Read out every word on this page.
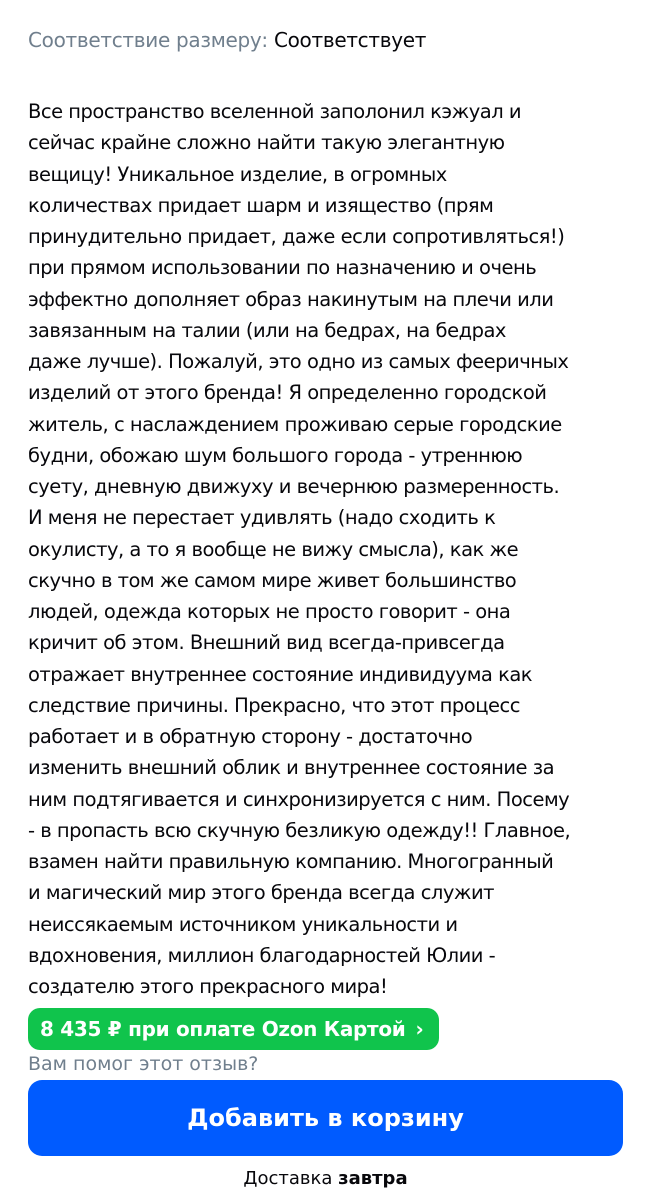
Соответствие размеру: Соответствует
Все пространство вселенной заполонил кэжуал и
сейчас крайне сложно найти такую элегантную
вещицу! Уникальное изделие, в огромных
количествах придает шарм и изящество (прям
принудительно придает, даже если сопротивляться!)
при прямом использовании по назначению и очень
эффектно дополняет образ накинутым на плечи или
завязанным на талии (или на бедрах, на бедрах
даже лучше). Пожалуй, это одно из самых фееричных
изделий от этого бренда! Я определенно городской
житель, с наслаждением проживаю серые городские
будни, обожаю шум большого города - утреннюю
суету, дневную движуху и вечернюю размеренность.
И меня не перестает удивлять (надо сходить к
окулисту, а то я вообще не вижу смысла), как же
скучно в том же самом мире живет большинство
людей, одежда которых не просто говорит - она
кричит об этом. Внешний вид всегда-привсегда
отражает внутреннее состояние индивидуума как
следствие причины. Прекрасно, что этот процесс
работает и в обратную сторону - достаточно
изменить внешний облик и внутреннее состояние за
ним подтягивается и синхронизируется с ним. Посему
- в пропасть всю скучную безликую одежду!! Главное,
взамен найти правильную компанию. Многогранный
и магический мир этого бренда всегда служит
неиссякаемым источником уникальности и
вдохновения, миллион благодарностей Юлии -
создателю этого прекрасного мира!
8 435 ₽ при оплате Ozon Картой ›
Вам помог этот отзыв?
Добавить в корзину
Доставка завтра
